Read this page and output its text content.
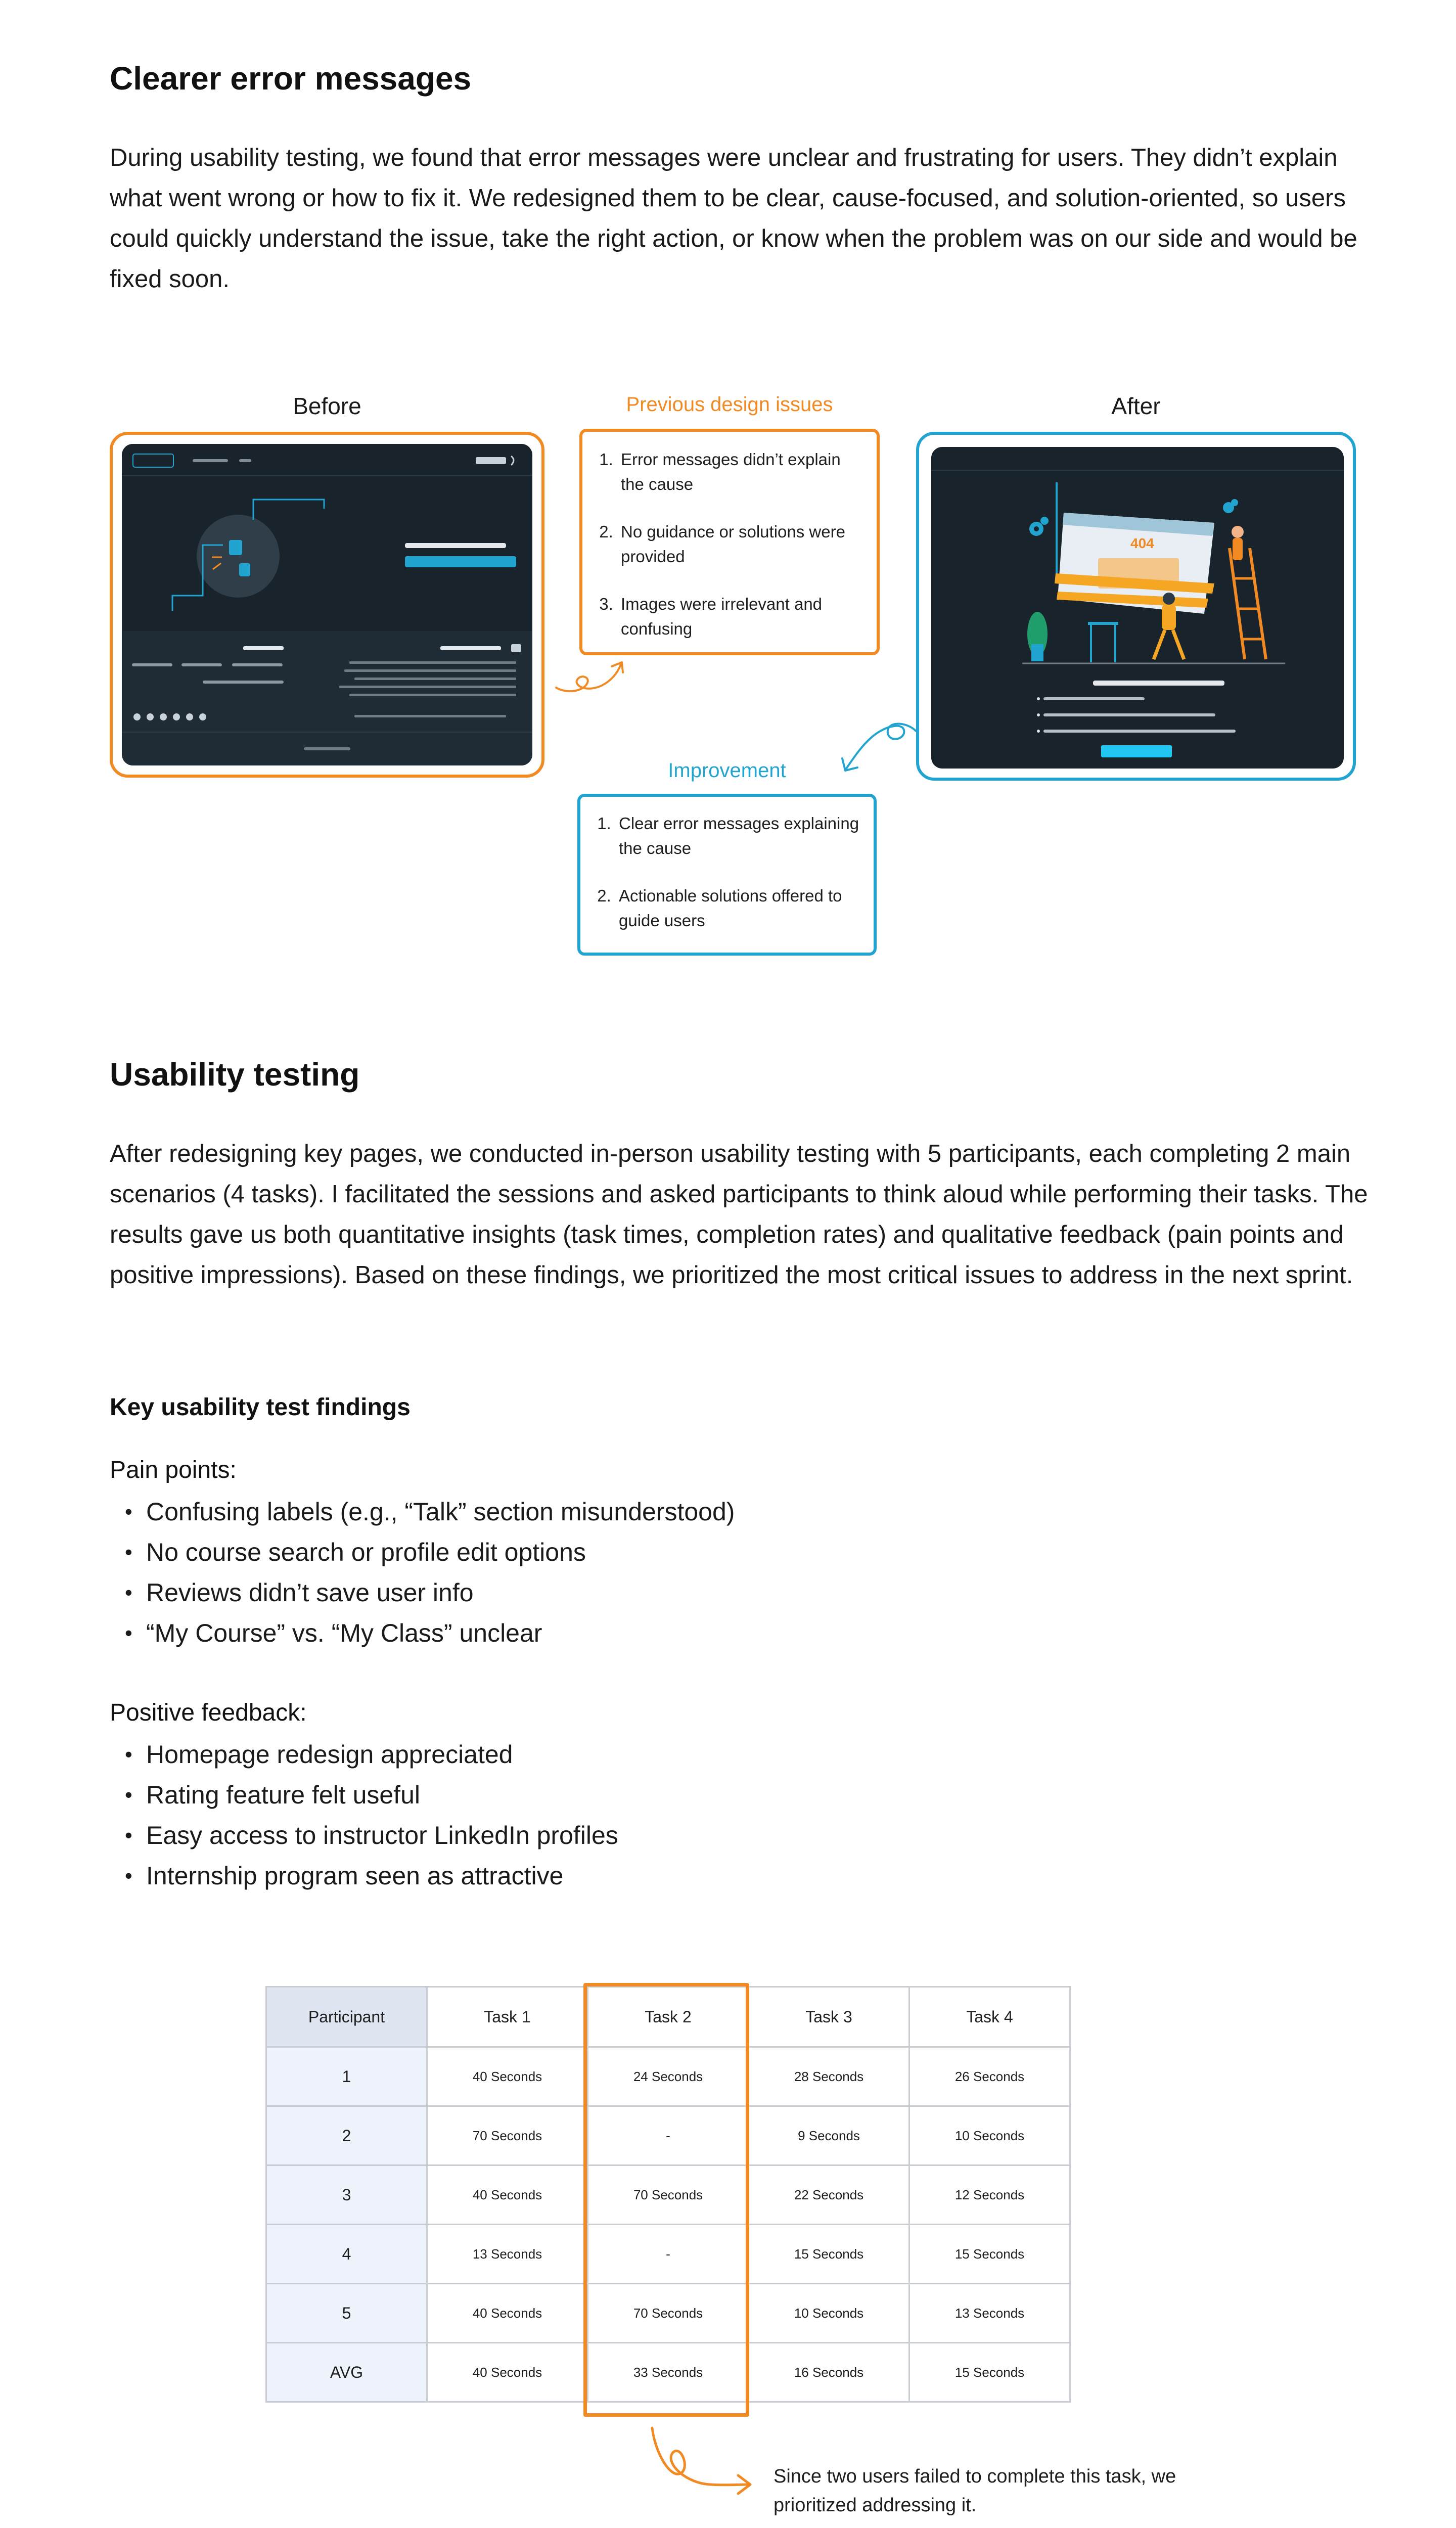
Clearer error messages
During usability testing, we found that error messages were unclear and frustrating for users. They didn’t explain what went wrong or how to fix it. We redesigned them to be clear, cause-focused, and solution-oriented, so users could quickly understand the issue, take the right action, or know when the problem was on our side and would be fixed soon.
Before	After
Previous design issues
1. Error messages didn’t explain the cause
2. No guidance or solutions were provided
3. Images were irrelevant and confusing
404
Improvement
1. Clear error messages explaining the cause
2. Actionable solutions offered to guide users
Usability testing
After redesigning key pages, we conducted in-person usability testing with 5 participants, each completing 2 main scenarios (4 tasks). I facilitated the sessions and asked participants to think aloud while performing their tasks. The results gave us both quantitative insights (task times, completion rates) and qualitative feedback (pain points and positive impressions). Based on these findings, we prioritized the most critical issues to address in the next sprint.
Key usability test findings
Pain points:
• Confusing labels (e.g., “Talk” section misunderstood)
• No course search or profile edit options
• Reviews didn’t save user info
• “My Course” vs. “My Class” unclear
Positive feedback:
• Homepage redesign appreciated
• Rating feature felt useful
• Easy access to instructor LinkedIn profiles
• Internship program seen as attractive
Participant	Task 1	Task 2	Task 3	Task 4
1	40 Seconds	24 Seconds	28 Seconds	26 Seconds
2	70 Seconds	-	9 Seconds	10 Seconds
3	40 Seconds	70 Seconds	22 Seconds	12 Seconds
4	13 Seconds	-	15 Seconds	15 Seconds
5	40 Seconds	70 Seconds	10 Seconds	13 Seconds
AVG	40 Seconds	33 Seconds	16 Seconds	15 Seconds
Since two users failed to complete this task, we prioritized addressing it.
